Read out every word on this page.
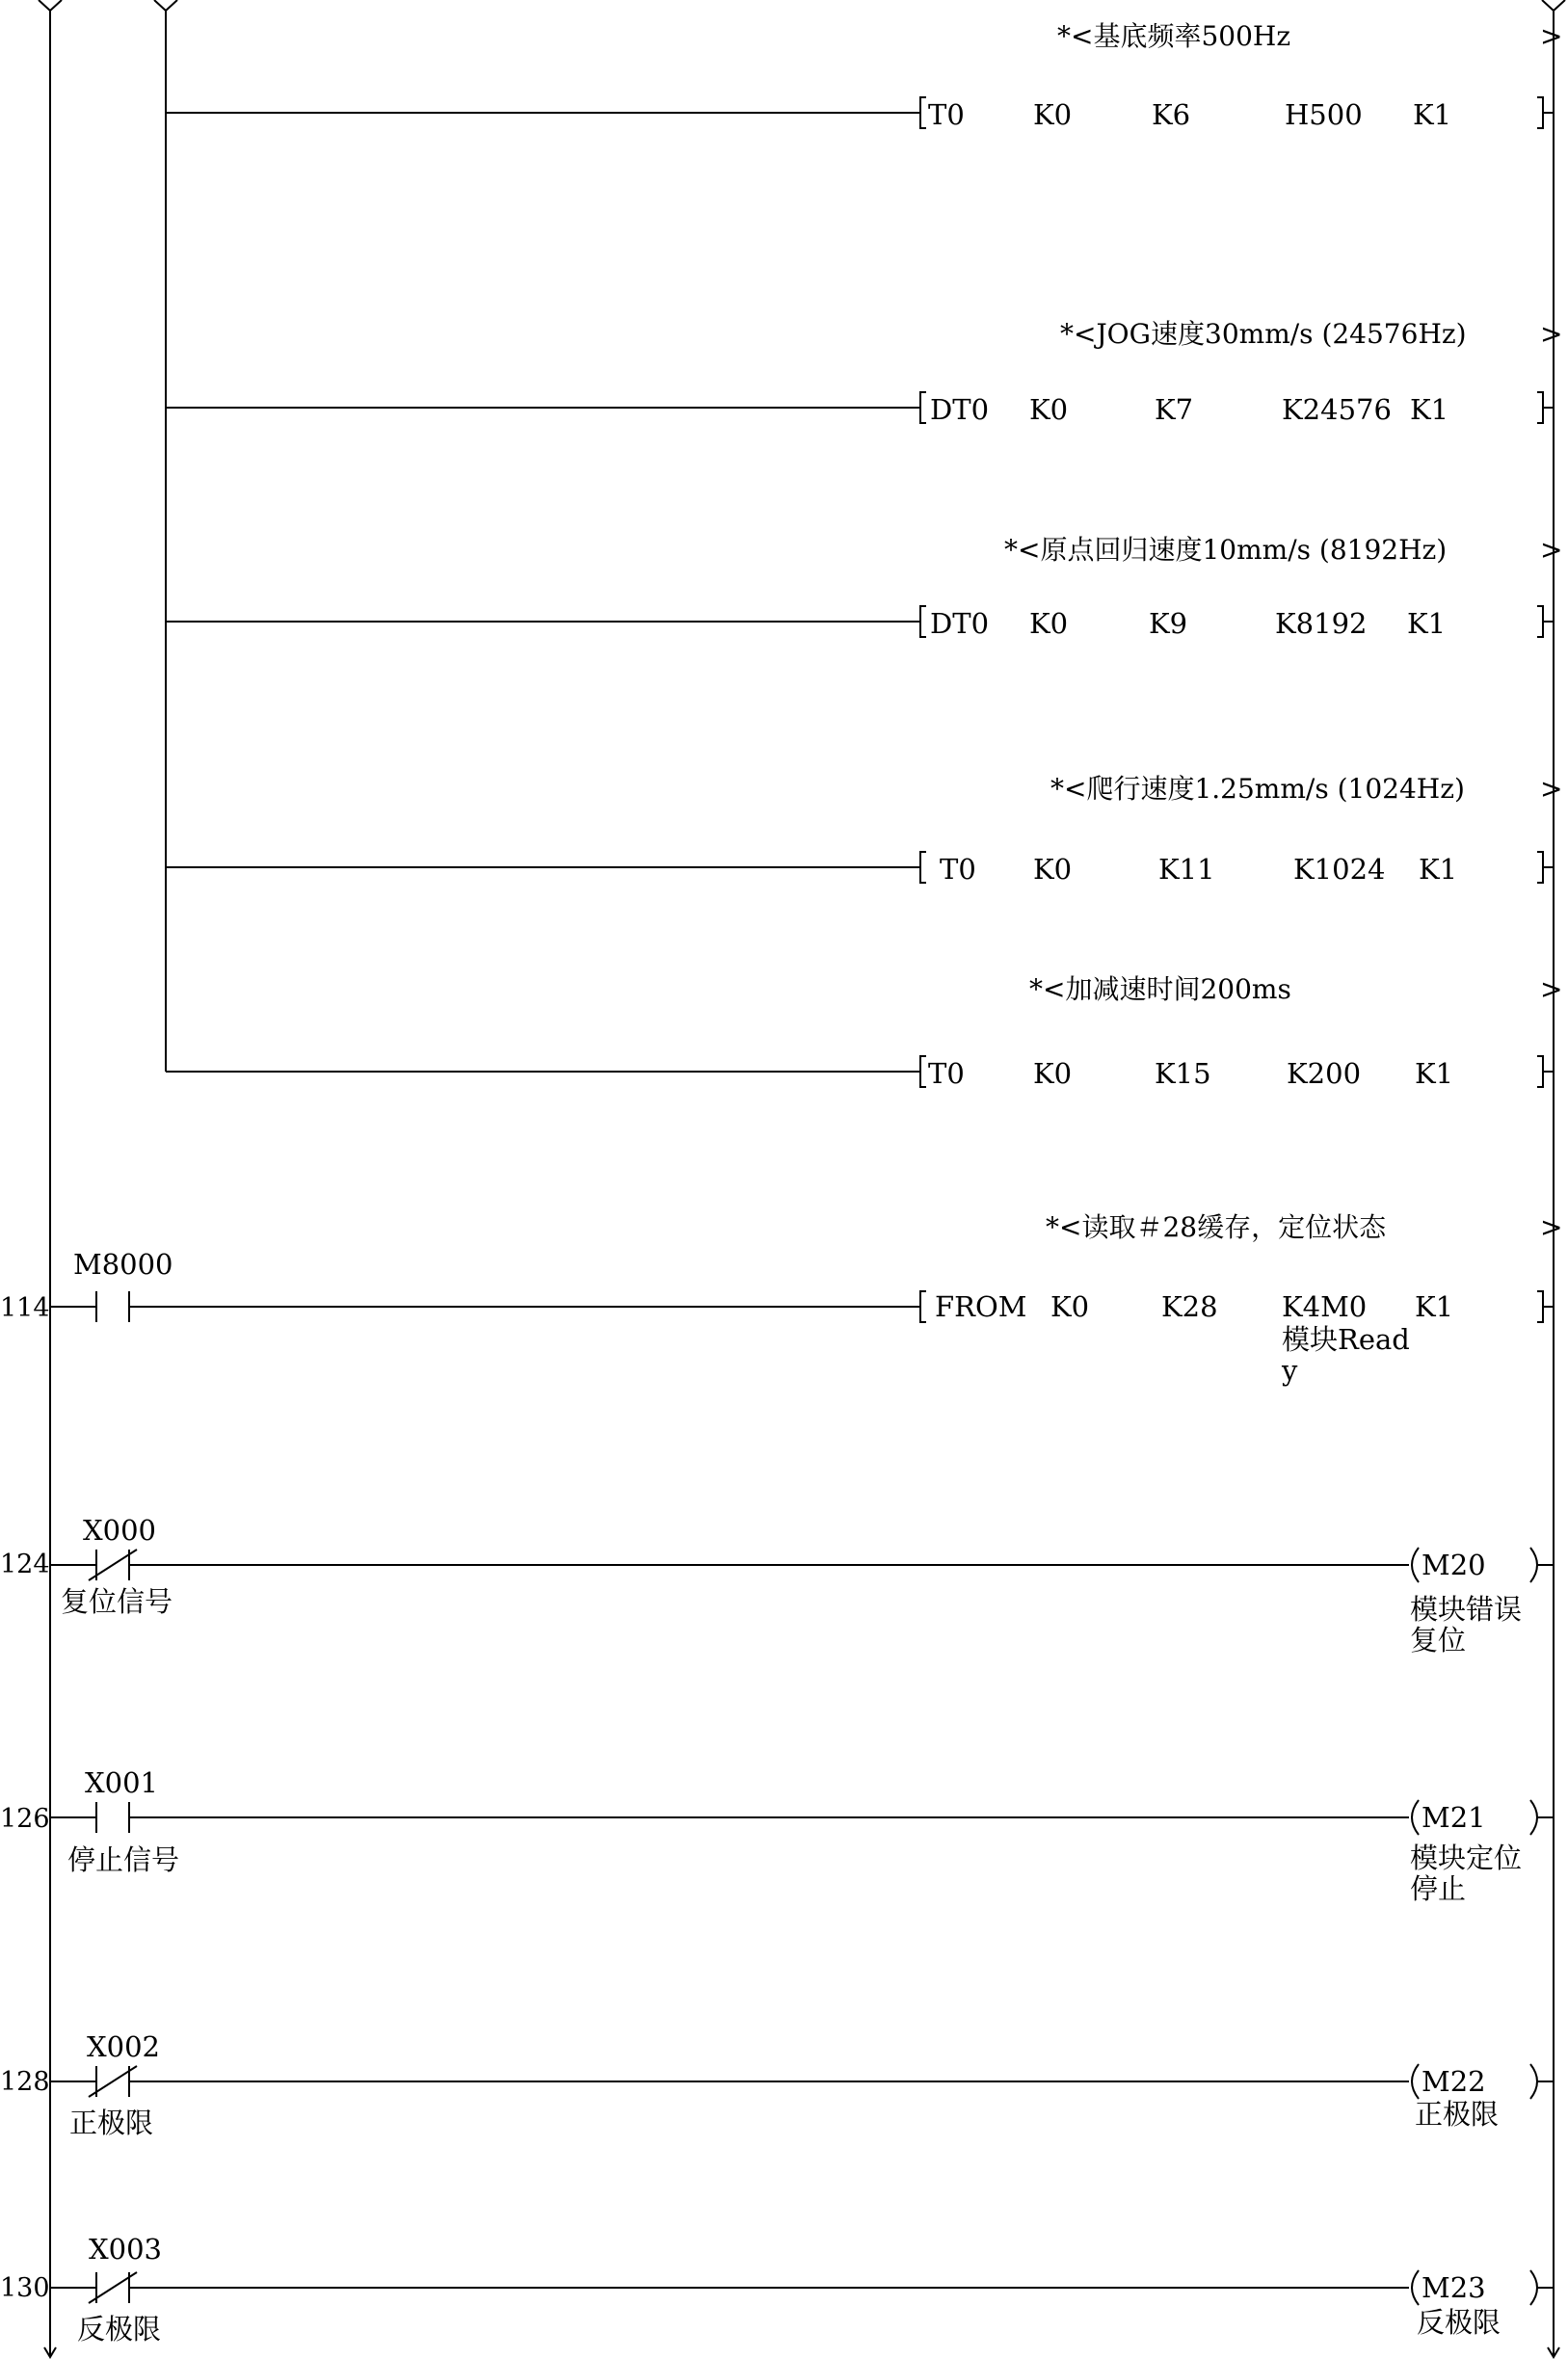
*<基底频率500Hz	>
T0 K0	K6	H500 K1
*<JOG速度30mm/s (24576Hz)	>
DT0 K0	K7	K24576 K1
*<原点回归速度10mm/s (8192Hz)	>
DT0 K0	K9	K8192 K1
*<爬行速度1.25mm/s (1024Hz)	>
T0 K0	K11	K1024 K1
*<加减速时间200ms	>
T0 K0	K15	K200 K1
114
M8000
*<读取＃28缓存，定位状态	>
FROM K0	K28 K4M0 K1
模块Read
y
124
X000
复位信号
M20
模块错误
复位
126
X001
停止信号
M21
模块定位
停止
128
X002
正极限
M22
正极限
130
X003
反极限
M23
反极限
